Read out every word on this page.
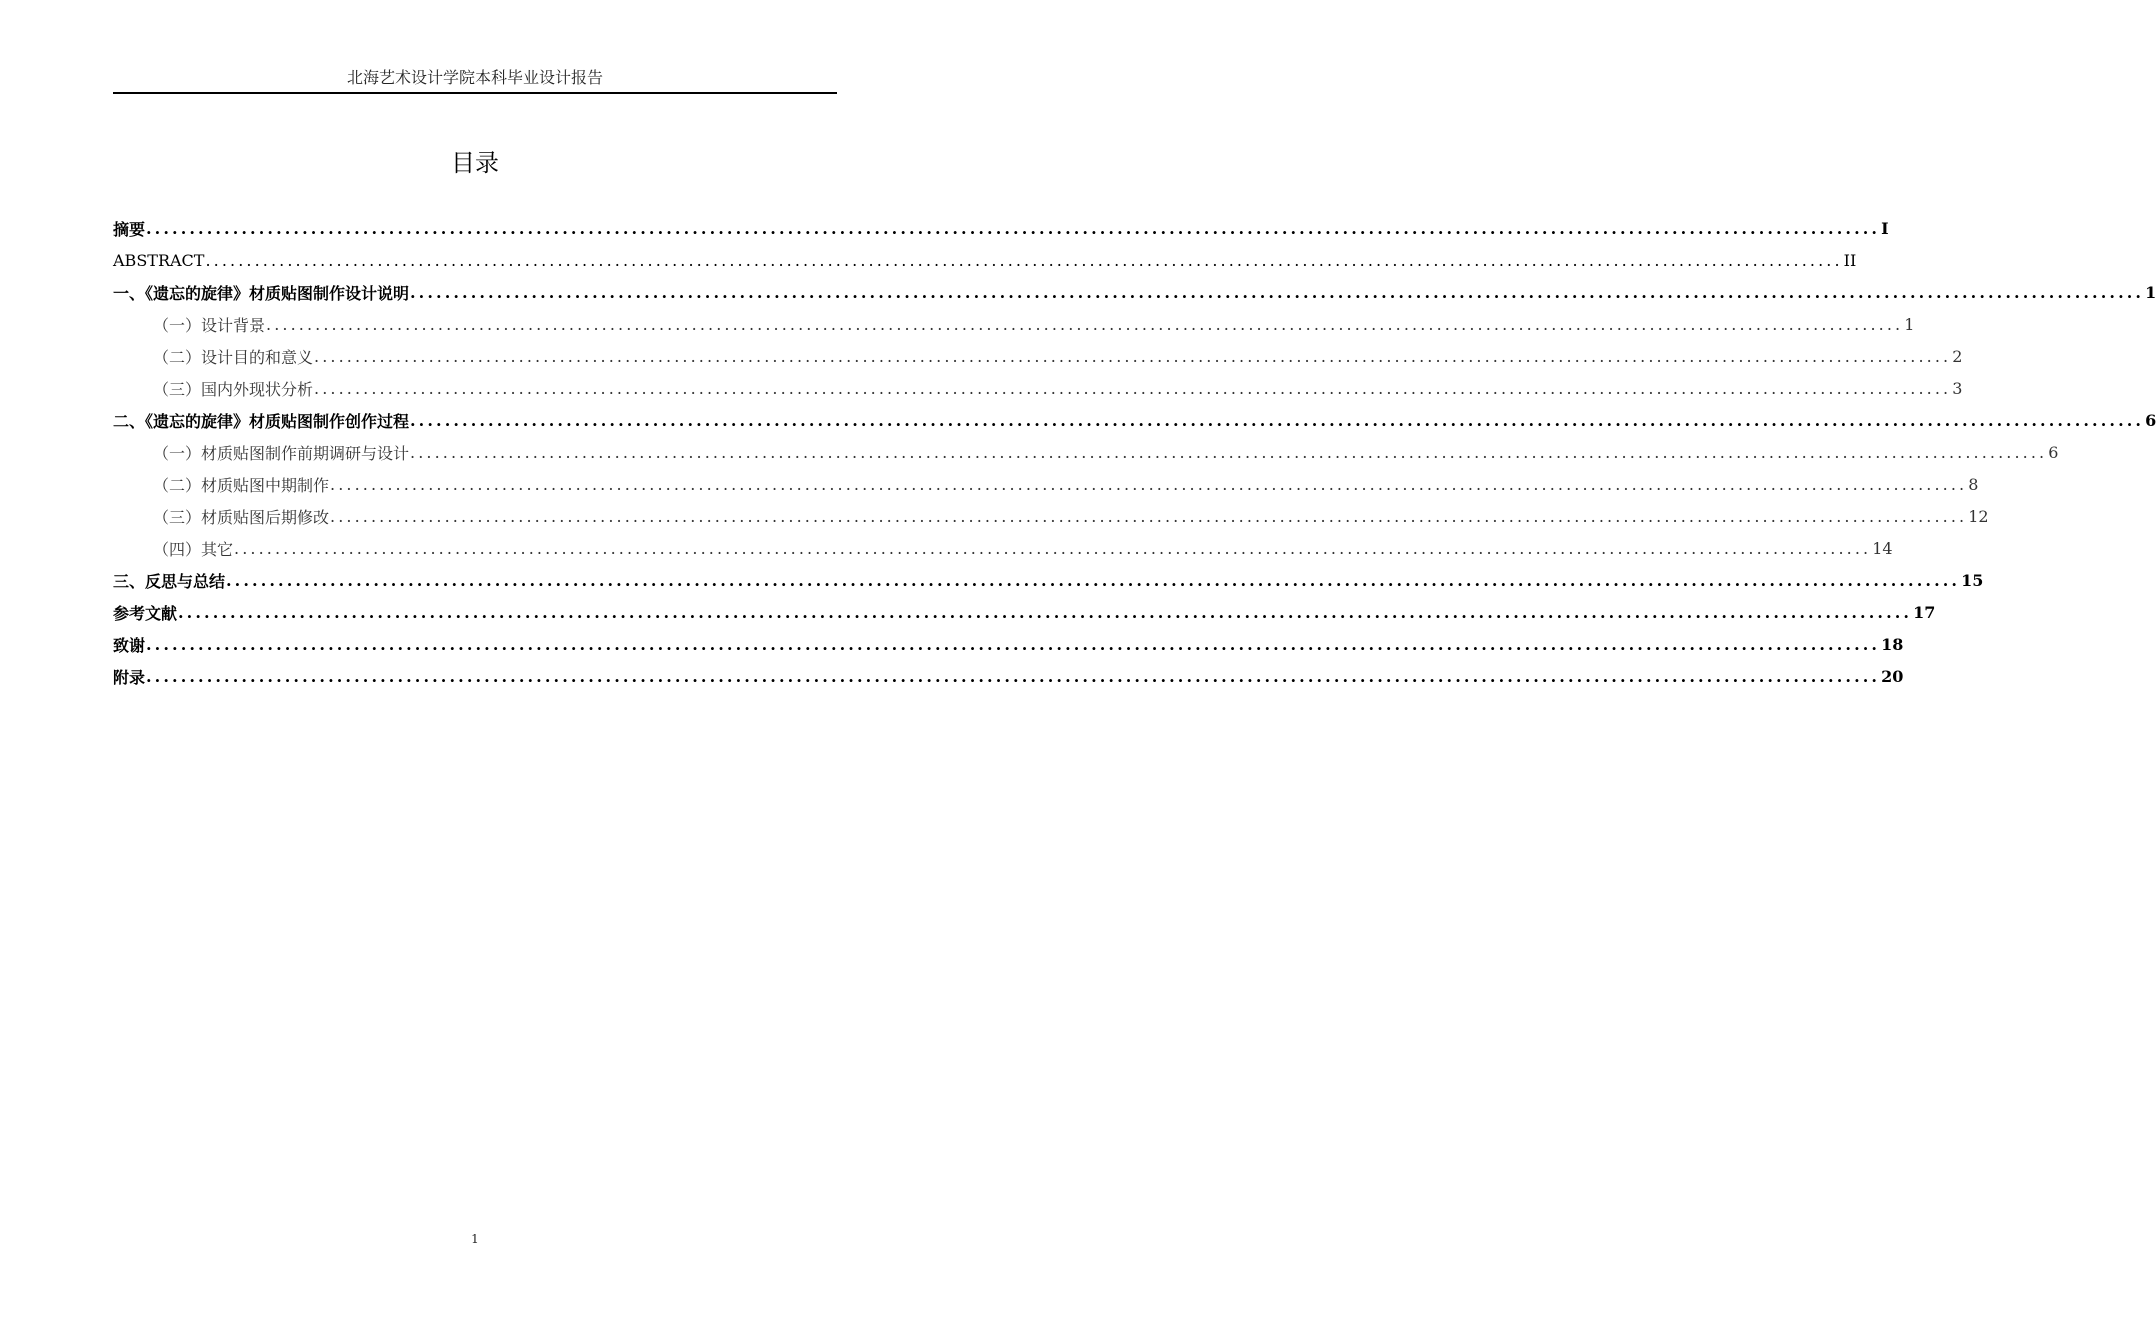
北海艺术设计学院本科毕业设计报告
目录
摘要 ........................................................................................................................................................................................................ I
ABSTRACT ........................................................................................................................................................................................................ II
一、《遗忘的旋律》材质贴图制作设计说明 ........................................................................................................................................................................................................ 1
（一）设计背景 ........................................................................................................................................................................................................ 1
（二）设计目的和意义 ........................................................................................................................................................................................................ 2
（三）国内外现状分析 ........................................................................................................................................................................................................ 3
二、《遗忘的旋律》材质贴图制作创作过程 ........................................................................................................................................................................................................ 6
（一）材质贴图制作前期调研与设计 ........................................................................................................................................................................................................ 6
（二）材质贴图中期制作 ........................................................................................................................................................................................................ 8
（三）材质贴图后期修改 ........................................................................................................................................................................................................ 12
（四）其它 ........................................................................................................................................................................................................ 14
三、反思与总结 ........................................................................................................................................................................................................ 15
参考文献 ........................................................................................................................................................................................................ 17
致谢 ........................................................................................................................................................................................................ 18
附录 ........................................................................................................................................................................................................ 20
1
